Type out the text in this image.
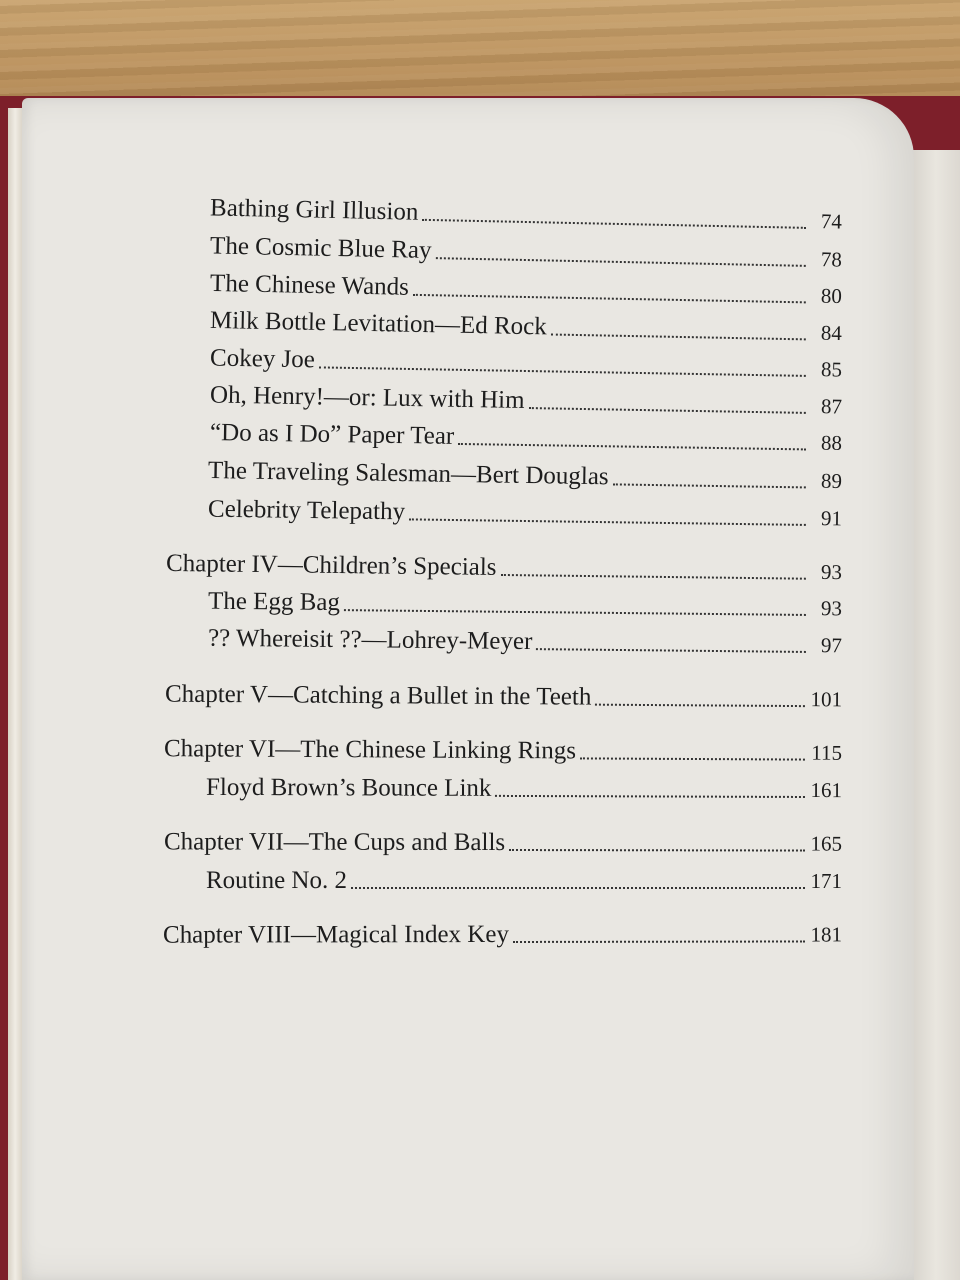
Bathing Girl Illusion	74
The Cosmic Blue Ray	78
The Chinese Wands	80
Milk Bottle Levitation—Ed Rock	84
Cokey Joe	85
Oh, Henry!—or: Lux with Him	87
“Do as I Do” Paper Tear	88
The Traveling Salesman—Bert Douglas	89
Celebrity Telepathy	91
Chapter IV—Children’s Specials	93
The Egg Bag	93
?? Whereisit ??—Lohrey-Meyer	97
Chapter V—Catching a Bullet in the Teeth	101
Chapter VI—The Chinese Linking Rings	115
Floyd Brown’s Bounce Link	161
Chapter VII—The Cups and Balls	165
Routine No. 2	171
Chapter VIII—Magical Index Key	181
